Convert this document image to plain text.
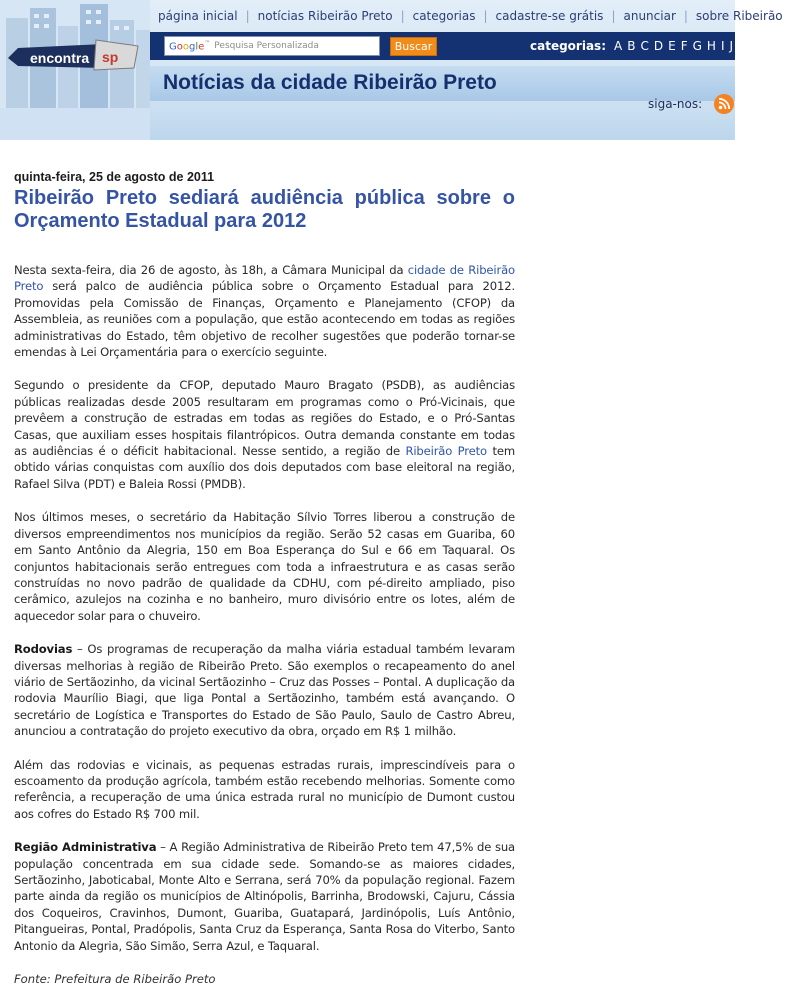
página inicial | notícias Ribeirão Preto | categorias | cadastre-se grátis | anunciar | sobre Ribeirão
Google™ Pesquisa Personalizada	Buscar	categorias: A B C D E F G H I J
encontra sp
Notícias da cidade Ribeirão Preto
siga-nos:
quinta-feira, 25 de agosto de 2011
Ribeirão Preto sediará audiência pública sobre o Orçamento Estadual para 2012

Nesta sexta-feira, dia 26 de agosto, às 18h, a Câmara Municipal da cidade de Ribeirão Preto será palco de audiência pública sobre o Orçamento Estadual para 2012. Promovidas pela Comissão de Finanças, Orçamento e Planejamento (CFOP) da Assembleia, as reuniões com a população, que estão acontecendo em todas as regiões administrativas do Estado, têm objetivo de recolher sugestões que poderão tornar-se emendas à Lei Orçamentária para o exercício seguinte.

Segundo o presidente da CFOP, deputado Mauro Bragato (PSDB), as audiências públicas realizadas desde 2005 resultaram em programas como o Pró-Vicinais, que prevêem a construção de estradas em todas as regiões do Estado, e o Pró-Santas Casas, que auxiliam esses hospitais filantrópicos. Outra demanda constante em todas as audiências é o déficit habitacional. Nesse sentido, a região de Ribeirão Preto tem obtido várias conquistas com auxílio dos dois deputados com base eleitoral na região, Rafael Silva (PDT) e Baleia Rossi (PMDB).

Nos últimos meses, o secretário da Habitação Sílvio Torres liberou a construção de diversos empreendimentos nos municípios da região. Serão 52 casas em Guariba, 60 em Santo Antônio da Alegria, 150 em Boa Esperança do Sul e 66 em Taquaral. Os conjuntos habitacionais serão entregues com toda a infraestrutura e as casas serão construídas no novo padrão de qualidade da CDHU, com pé-direito ampliado, piso cerâmico, azulejos na cozinha e no banheiro, muro divisório entre os lotes, além de aquecedor solar para o chuveiro.

Rodovias – Os programas de recuperação da malha viária estadual também levaram diversas melhorias à região de Ribeirão Preto. São exemplos o recapeamento do anel viário de Sertãozinho, da vicinal Sertãozinho – Cruz das Posses – Pontal. A duplicação da rodovia Maurílio Biagi, que liga Pontal a Sertãozinho, também está avançando. O secretário de Logística e Transportes do Estado de São Paulo, Saulo de Castro Abreu, anunciou a contratação do projeto executivo da obra, orçado em R$ 1 milhão.

Além das rodovias e vicinais, as pequenas estradas rurais, imprescindíveis para o escoamento da produção agrícola, também estão recebendo melhorias. Somente como referência, a recuperação de uma única estrada rural no município de Dumont custou aos cofres do Estado R$ 700 mil.

Região Administrativa – A Região Administrativa de Ribeirão Preto tem 47,5% de sua população concentrada em sua cidade sede. Somando-se as maiores cidades, Sertãozinho, Jaboticabal, Monte Alto e Serrana, será 70% da população regional. Fazem parte ainda da região os municípios de Altinópolis, Barrinha, Brodowski, Cajuru, Cássia dos Coqueiros, Cravinhos, Dumont, Guariba, Guatapará, Jardinópolis, Luís Antônio, Pitangueiras, Pontal, Pradópolis, Santa Cruz da Esperança, Santa Rosa do Viterbo, Santo Antonio da Alegria, São Simão, Serra Azul, e Taquaral.

Fonte: Prefeitura de Ribeirão Preto
